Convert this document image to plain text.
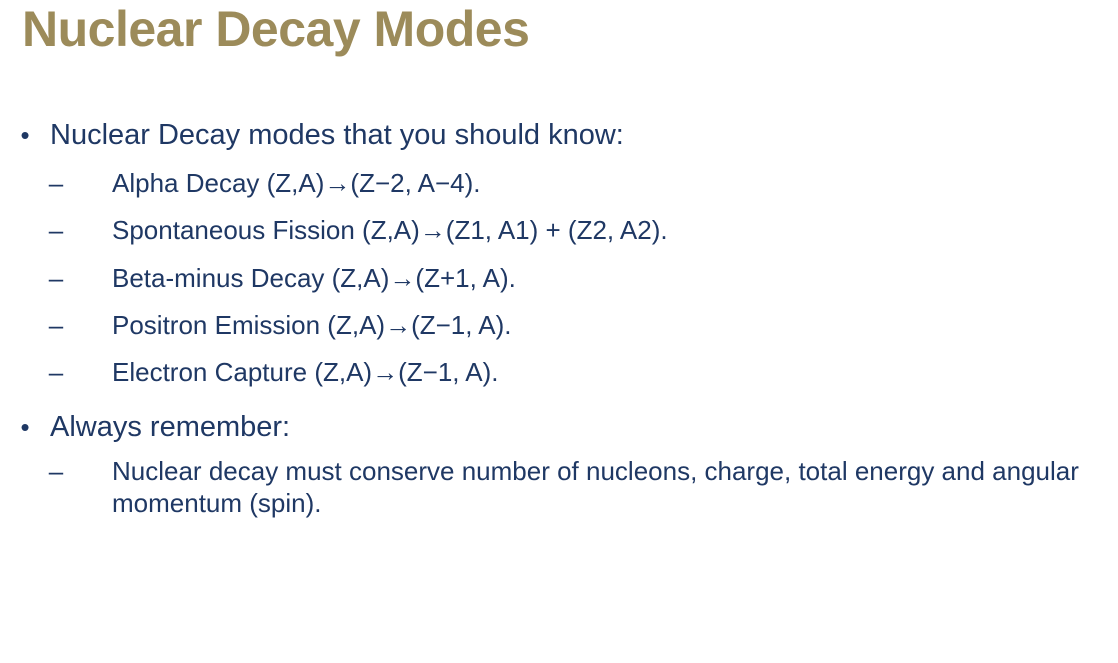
Nuclear Decay Modes
• Nuclear Decay modes that you should know:
–	Alpha Decay (Z,A)→(Z−2, A−4).
–	Spontaneous Fission (Z,A)→(Z1, A1) + (Z2, A2).
–	Beta-minus Decay (Z,A)→(Z+1, A).
–	Positron Emission (Z,A)→(Z−1, A).
–	Electron Capture (Z,A)→(Z−1, A).
• Always remember:
–	Nuclear decay must conserve number of nucleons, charge, total energy and angular momentum (spin).
